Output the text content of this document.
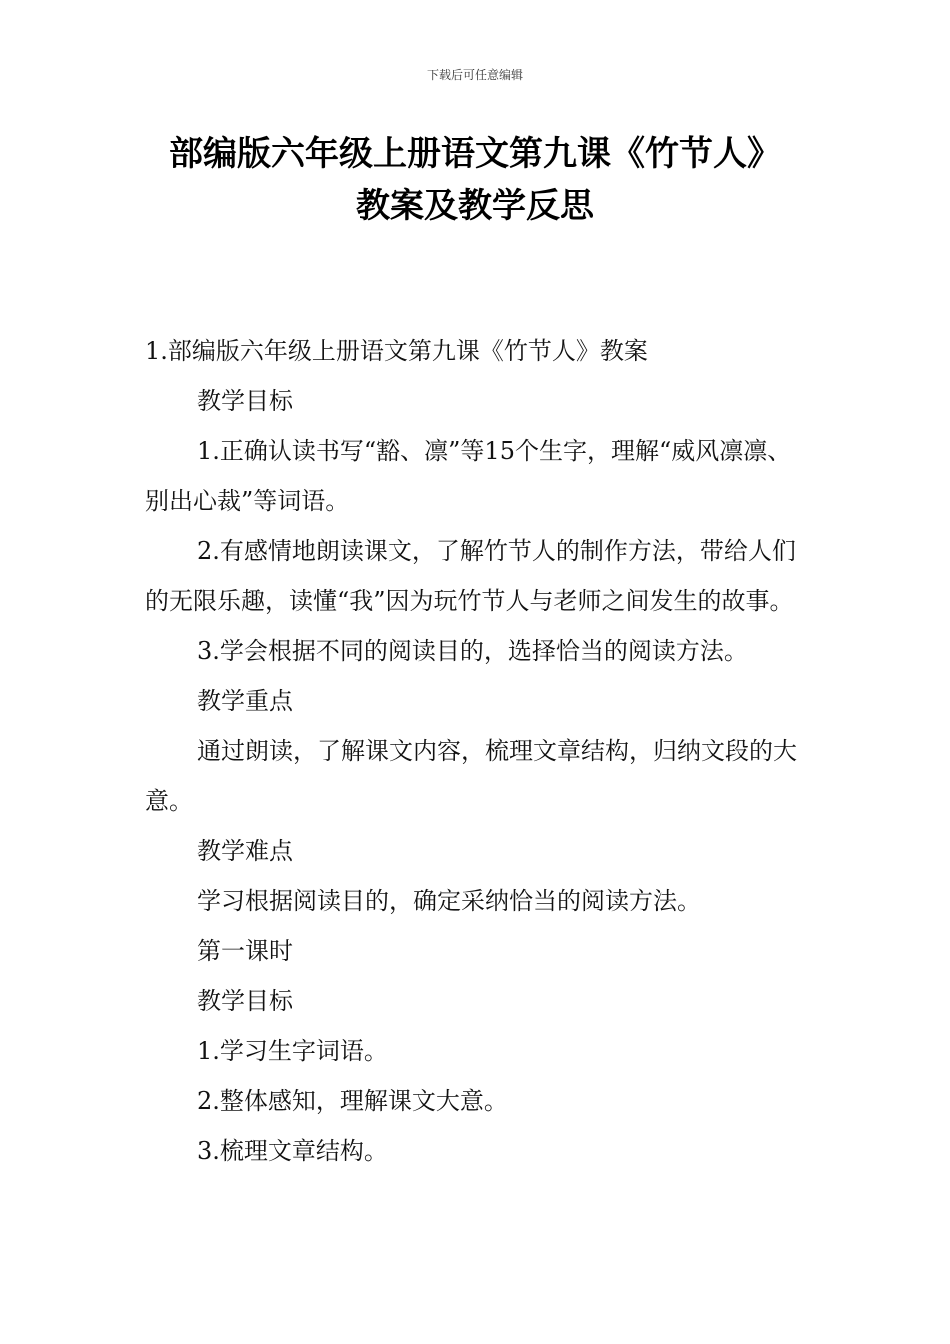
下载后可任意编辑
部编版六年级上册语文第九课《竹节人》
教案及教学反思

1.部编版六年级上册语文第九课《竹节人》教案

教学目标

1.正确认读书写“豁、凛”等15个生字，理解“威风凛凛、别出心裁”等词语。

2.有感情地朗读课文，了解竹节人的制作方法，带给人们的无限乐趣，读懂“我”因为玩竹节人与老师之间发生的故事。

3.学会根据不同的阅读目的，选择恰当的阅读方法。

教学重点

通过朗读，了解课文内容，梳理文章结构，归纳文段的大意。

教学难点

学习根据阅读目的，确定采纳恰当的阅读方法。

第一课时

教学目标

1.学习生字词语。

2.整体感知，理解课文大意。

3.梳理文章结构。
